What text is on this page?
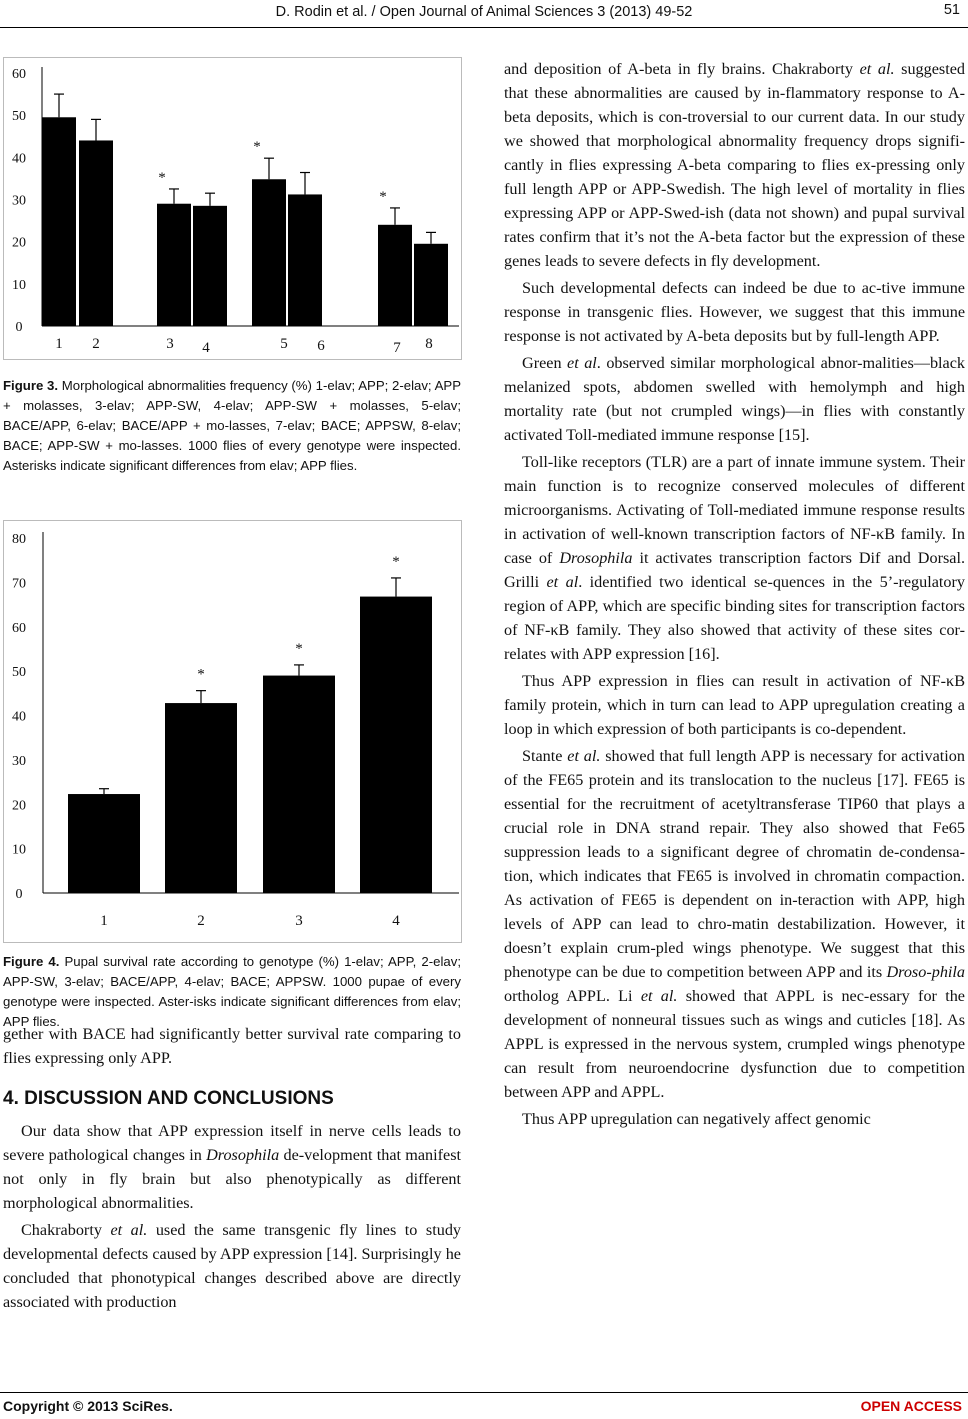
D. Rodin et al. / Open Journal of Animal Sciences 3 (2013) 49-52	51
0
10
20
30
40
50
60
1 2
*
3 4
*
5 6
*
7 8
Figure 3. Morphological abnormalities frequency (%) 1-elav; APP; 2-elav; APP + molasses, 3-elav; APP-SW, 4-elav; APP-SW + molasses, 5-elav; BACE/APP, 6-elav; BACE/APP + mo-lasses, 7-elav; BACE; APPSW, 8-elav; BACE; APP-SW + mo-lasses. 1000 flies of every genotype were inspected. Asterisks indicate significant differences from elav; APP flies.
0
10
20
30
40
50
60
70
80
1
*
2
*
3
*
4
Figure 4. Pupal survival rate according to genotype (%) 1-elav; APP, 2-elav; APP-SW, 3-elav; BACE/APP, 4-elav; BACE; APPSW. 1000 pupae of every genotype were inspected. Aster-isks indicate significant differences from elav; APP flies.

gether with BACE had significantly better survival rate comparing to flies expressing only APP.

4. DISCUSSION AND CONCLUSIONS

Our data show that APP expression itself in nerve cells leads to severe pathological changes in Drosophila de-velopment that manifest not only in fly brain but also phenotypically as different morphological abnormalities.

Chakraborty et al. used the same transgenic fly lines to study developmental defects caused by APP expression [14]. Surprisingly he concluded that phonotypical changes described above are directly associated with production

and deposition of A-beta in fly brains. Chakraborty et al. suggested that these abnormalities are caused by in-flammatory response to A-beta deposits, which is con-troversial to our current data. In our study we showed that morphological abnormality frequency drops signifi-cantly in flies expressing A-beta comparing to flies ex-pressing only full length APP or APP-Swedish. The high level of mortality in flies expressing APP or APP-Swed-ish (data not shown) and pupal survival rates confirm that it’s not the A-beta factor but the expression of these genes leads to severe defects in fly development.

Such developmental defects can indeed be due to ac-tive immune response in transgenic flies. However, we suggest that this immune response is not activated by A-beta deposits but by full-length APP.

Green et al. observed similar morphological abnor-malities—black melanized spots, abdomen swelled with hemolymph and high mortality rate (but not crumpled wings)—in flies with constantly activated Toll-mediated immune response [15].

Toll-like receptors (TLR) are a part of innate immune system. Their main function is to recognize conserved molecules of different microorganisms. Activating of Toll-mediated immune response results in activation of well-known transcription factors of NF-κB family. In case of Drosophila it activates transcription factors Dif and Dorsal. Grilli et al. identified two identical se-quences in the 5’-regulatory region of APP, which are specific binding sites for transcription factors of NF-κB family. They also showed that activity of these sites cor-relates with APP expression [16].

Thus APP expression in flies can result in activation of NF-κB family protein, which in turn can lead to APP upregulation creating a loop in which expression of both participants is co-dependent.

Stante et al. showed that full length APP is necessary for activation of the FE65 protein and its translocation to the nucleus [17]. FE65 is essential for the recruitment of acetyltransferase TIP60 that plays a crucial role in DNA strand repair. They also showed that Fe65 suppression leads to a significant degree of chromatin de-condensa-tion, which indicates that FE65 is involved in chromatin compaction. As activation of FE65 is dependent on in-teraction with APP, high levels of APP can lead to chro-matin destabilization. However, it doesn’t explain crum-pled wings phenotype. We suggest that this phenotype can be due to competition between APP and its Droso-phila ortholog APPL. Li et al. showed that APPL is nec-essary for the development of nonneural tissues such as wings and cuticles [18]. As APPL is expressed in the nervous system, crumpled wings phenotype can result from neuroendocrine dysfunction due to competition between APP and APPL.

Thus APP upregulation can negatively affect genomic

Copyright © 2013 SciRes.	OPEN ACCESS
